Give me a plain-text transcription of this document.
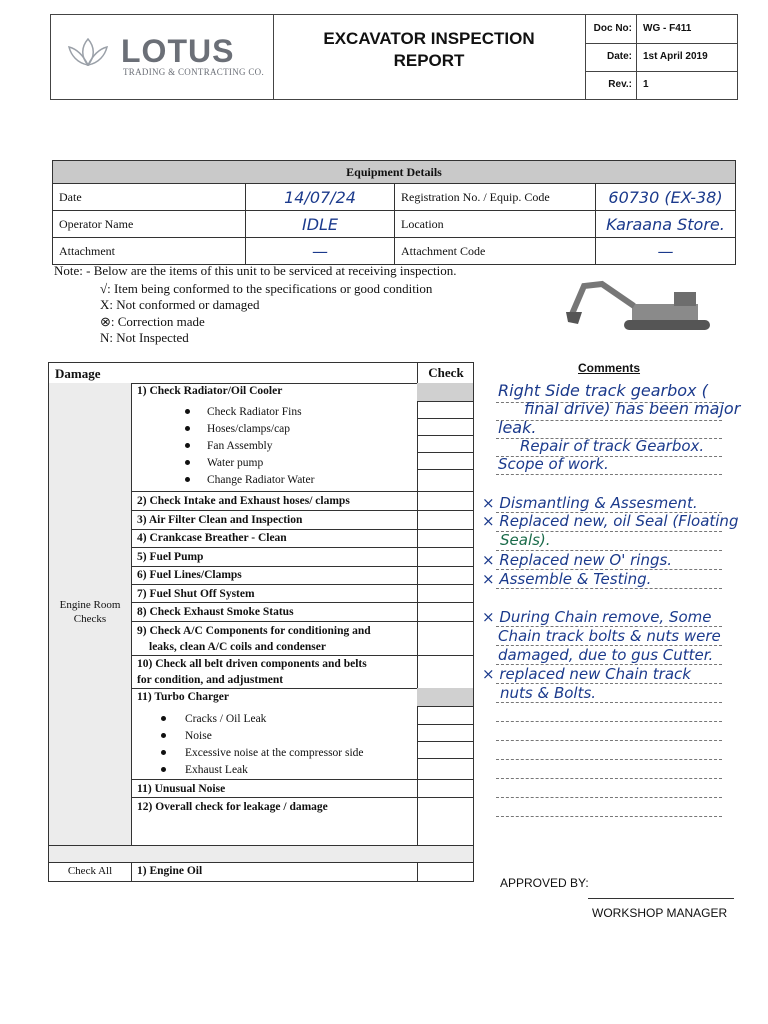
LOTUS
TRADING & CONTRACTING CO.
EXCAVATOR INSPECTION
REPORT
Doc No:	WG - F411
Date:	1st April 2019
Rev.:	1
Equipment Details			
Date	14/07/24	Registration No. / Equip. Code	60730 (EX-38)
Operator Name	IDLE	Location	Karaana Store.
Attachment	—	Attachment Code	—
Note: - Below are the items of this unit to be serviced at receiving inspection.
√: Item being conformed to the specifications or good condition
X: Not conformed or damaged
⊗: Correction made
N: Not Inspected
Damage	Check
Engine Room
Checks
1) Check Radiator/Oil Cooler
Check Radiator Fins
Hoses/clamps/cap
Fan Assembly
Water pump
Change Radiator Water
2) Check Intake and Exhaust hoses/ clamps
3) Air Filter Clean and Inspection
4) Crankcase Breather - Clean
5) Fuel Pump
6) Fuel Lines/Clamps
7) Fuel Shut Off System
8) Check Exhaust Smoke Status
9) Check A/C Components for conditioning and
leaks, clean A/C coils and condenser
10) Check all belt driven components and belts
for condition, and adjustment
11) Turbo Charger
Cracks / Oil Leak
Noise
Excessive noise at the compressor side
Exhaust Leak
11) Unusual Noise
12) Overall check for leakage / damage
Check All	1) Engine Oil
Comments
Right Side track gearbox (
final drive) has been major
leak.
Repair of track Gearbox.
Scope of work.
× Dismantling & Assesment.
× Replaced new, oil Seal (Floating
Seals).
× Replaced new O' rings.
× Assemble & Testing.
× During Chain remove, Some
Chain track bolts & nuts were
damaged, due to gus Cutter.
× replaced new Chain track
nuts & Bolts.
APPROVED BY:
WORKSHOP MANAGER
